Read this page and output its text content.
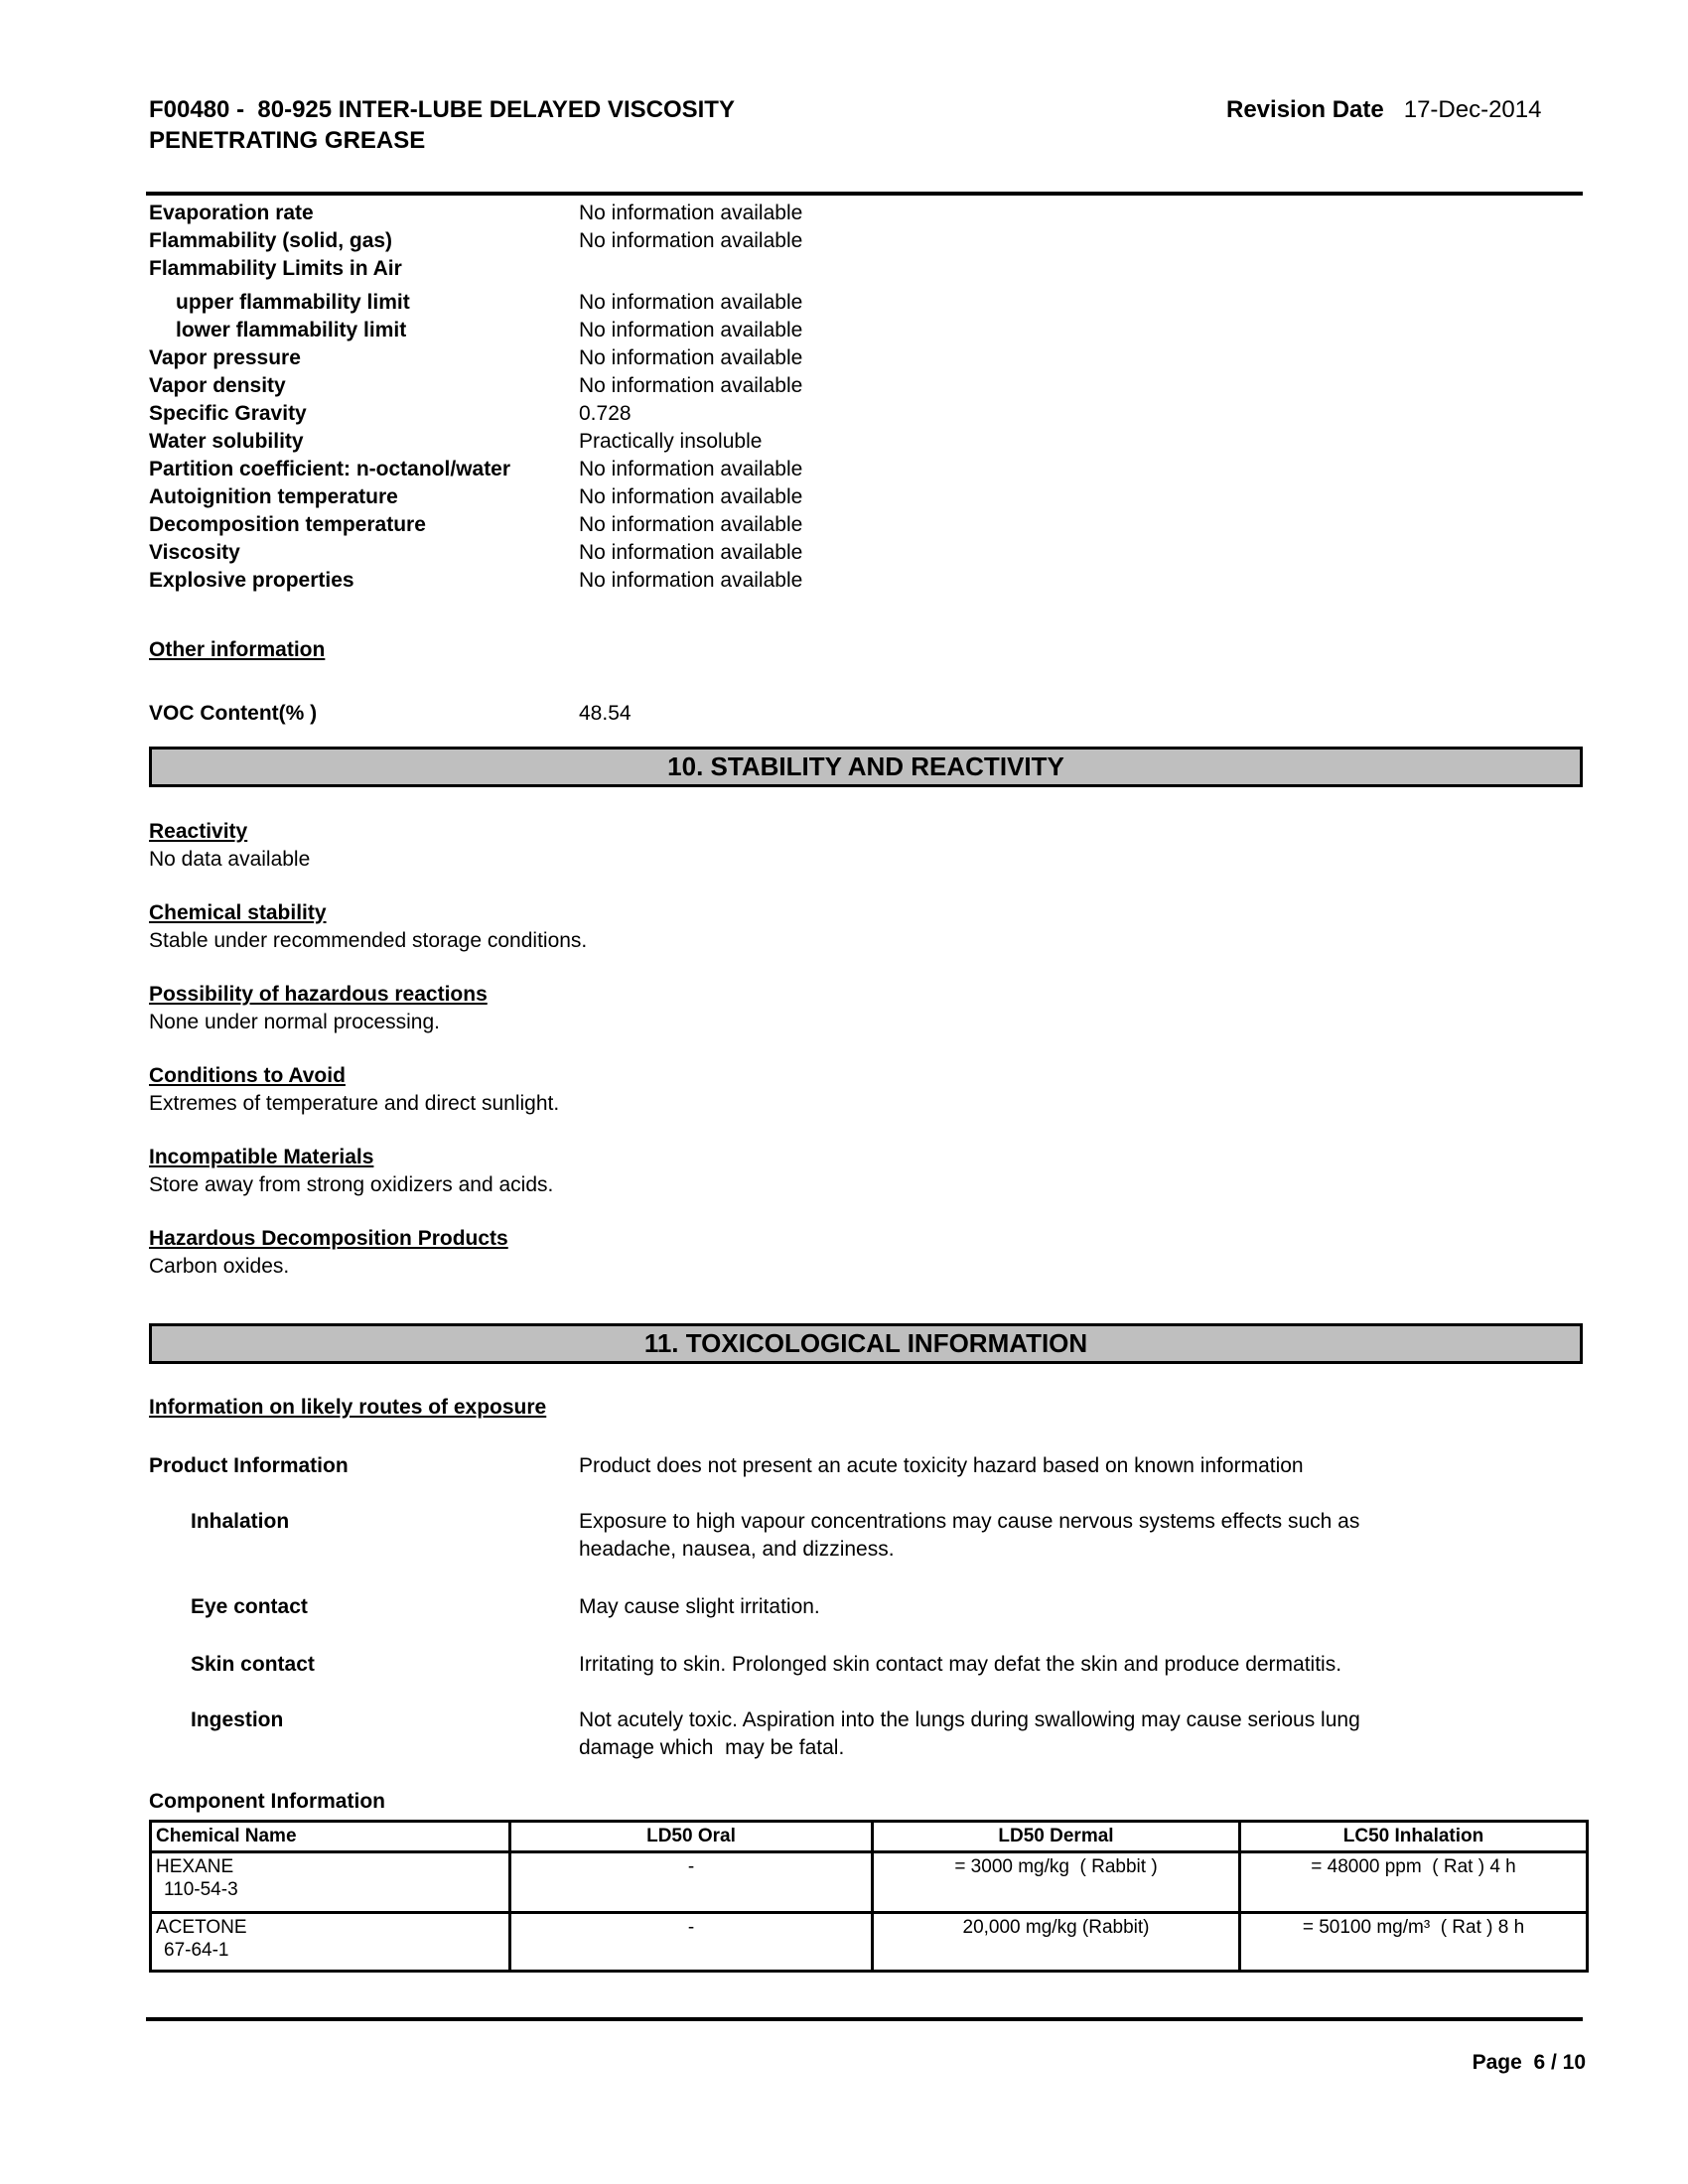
F00480 -  80-925 INTER-LUBE DELAYED VISCOSITY
PENETRATING GREASE
Revision Date 17-Dec-2014
Evaporation rate	No information available
Flammability (solid, gas)	No information available
Flammability Limits in Air
upper flammability limit	No information available
lower flammability limit	No information available
Vapor pressure	No information available
Vapor density	No information available
Specific Gravity	0.728
Water solubility	Practically insoluble
Partition coefficient: n-octanol/water	No information available
Autoignition temperature	No information available
Decomposition temperature	No information available
Viscosity	No information available
Explosive properties	No information available
Other information
VOC Content(% )	48.54
10. STABILITY AND REACTIVITY
Reactivity
No data available
Chemical stability
Stable under recommended storage conditions.
Possibility of hazardous reactions
None under normal processing.
Conditions to Avoid
Extremes of temperature and direct sunlight.
Incompatible Materials
Store away from strong oxidizers and acids.
Hazardous Decomposition Products
Carbon oxides.
11. TOXICOLOGICAL INFORMATION
Information on likely routes of exposure
Product Information	Product does not present an acute toxicity hazard based on known information
Inhalation	Exposure to high vapour concentrations may cause nervous systems effects such as
headache, nausea, and dizziness.
Eye contact	May cause slight irritation.
Skin contact	Irritating to skin. Prolonged skin contact may defat the skin and produce dermatitis.
Ingestion	Not acutely toxic. Aspiration into the lungs during swallowing may cause serious lung
damage which  may be fatal.
Component Information
Chemical Name	LD50 Oral	LD50 Dermal	LC50 Inhalation

HEXANE
110-54-3	-	= 3000 mg/kg  ( Rabbit )	= 48000 ppm  ( Rat ) 4 h

ACETONE
67-64-1	-	20,000 mg/kg (Rabbit)	= 50100 mg/m³  ( Rat ) 8 h
Page  6 / 10
